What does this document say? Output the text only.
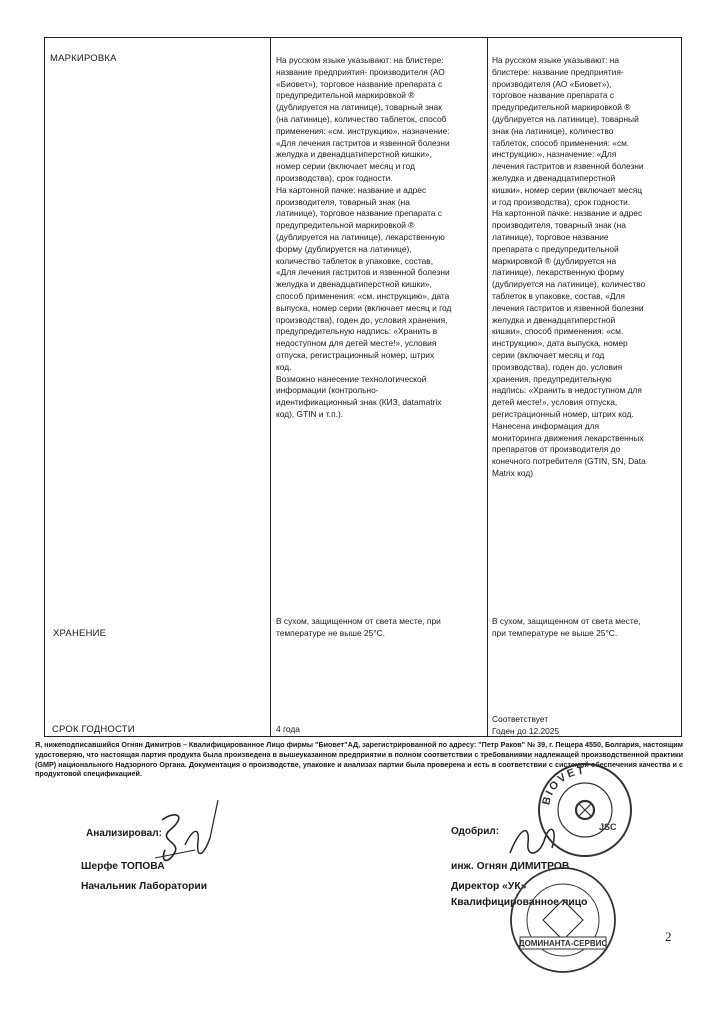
МАРКИРОВКА
ХРАНЕНИЕ
СРОК ГОДНОСТИ
На русском языке указывают: на блистере:
название предприятия- производителя (АО
«Биовет»), торговое название препарата с
предупредительной маркировкой ®
(дублируется на латинице), товарный знак
(на латинице), количество таблеток, способ
применения: «см. инструкцию», назначение:
«Для лечения гастритов и язвенной болезни
желудка и двенадцатиперстной кишки»,
номер серии (включает месяц и год
производства), срок годности.
На картонной пачке: название и адрес
производителя, товарный знак (на
латинице), торговое название препарата с
предупредительной маркировкой ®
(дублируется на латинице), лекарственную
форму (дублируется на латинице),
количество таблеток в упаковке, состав,
«Для лечения гастритов и язвенной болезни
желудка и двенадцатиперстной кишки»,
способ применения: «см. инструкцию», дата
выпуска, номер серии (включает месяц и год
производства), годен до, условия хранения,
предупредительную надпись: «Хранить в
недоступном для детей месте!», условия
отпуска, регистрационный номер, штрих
код.
Возможно нанесение технологической
информации (контрольно-
идентификационный знак (КИЗ, datamatrix
код), GTIN и т.п.).
На русском языке указывают: на
блистере: название предприятия-
производителя (АО «Биовет»),
торговое название препарата с
предупредительной маркировкой ®
(дублируется на латинице), товарный
знак (на латинице), количество
таблеток, способ применения: «см.
инструкцию», назначение: «Для
лечения гастритов и язвенной болезни
желудка и двенадцатиперстной
кишки», номер серии (включает месяц
и год производства), срок годности.
На картонной пачке: название и адрес
производителя, товарный знак (на
латинице), торговое название
препарата с предупредительной
маркировкой ® (дублируется на
латинице), лекарственную форму
(дублируется на латинице), количество
таблеток в упаковке, состав, «Для
лечения гастритов и язвенной болезни
желудка и двенадцатиперстной
кишки», способ применения: «см.
инструкцию», дата выпуска, номер
серии (включает месяц и год
производства), годен до, условия
хранения, предупредительную
надпись: «Хранить в недоступном для
детей месте!», условия отпуска,
регистрационный номер, штрих код.
Нанесена информация для
мониторинга движения лекарственных
препаратов от производителя до
конечного потребителя (GTIN, SN, Data
Matrix код)
В сухом, защищенном от света месте, при
температуре не выше 25°С.
В сухом, защищенном от света месте,
при температуре не выше 25°С.
4 года
Соответствует
Годен до 12.2025
Я, нижеподписавшийся Огнян Димитров – Квалифицированное Лицо фирмы "Биовет"АД, зарегистрированной по адресу: "Петр Раков" № 39, г. Пещера 4550, Болгария, настоящим удостоверяю, что настоящая партия продукта была произведена в вышеуказанном предприятии в полном соответствии с требованиями надлежащей производственной практики (GMP) национального Надзорного Органа. Документация о производстве, упаковке и анализах партии была проверена и есть в соответствии с системой обеспечения качества и с продуктовой спецификацией.
Анализировал:
Шерфе ТОПОВА
Начальник Лаборатории
Одобрил:
инж. Огнян ДИМИТРОВ
Директор «УК»
Квалифицированное лицо
BIOVET
JSC
ДОМИНАНТА-СЕРВИС	2
